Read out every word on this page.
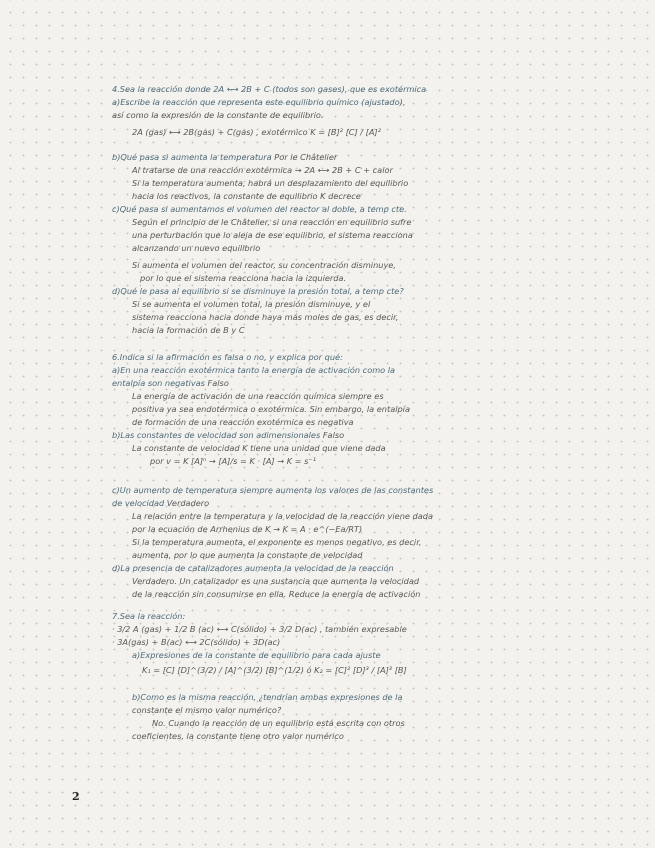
4.Sea la reacción donde 2A ⟷ 2B + C (todos son gases), que es exotérmica
a)Escribe la reacción que representa este equilibrio químico (ajustado),
así como la expresión de la constante de equilibrio.
2A (gas) ⟷ 2B(gas) + C(gas) , exotérmico K = [B]² [C] / [A]²
b)Qué pasa si aumenta la temperatura Por le Châtelier
Al tratarse de una reacción exotérmica → 2A ⟷ 2B + C + calor
Si la temperatura aumenta, habrá un desplazamiento del equilibrio
hacia los reactivos, la constante de equilibrio K decrece
c)Qué pasa si aumentamos el volumen del reactor al doble, a temp cte.
Según el principio de le Châtelier, si una reacción en equilibrio sufre
una perturbación que lo aleja de ese equilibrio, el sistema reacciona
alcanzando un nuevo equilibrio
Si aumenta el volumen del reactor, su concentración disminuye,
por lo que el sistema reacciona hacia la izquierda.
d)Qué le pasa al equilibrio si se disminuye la presión total, a temp cte?
Si se aumenta el volumen total, la presión disminuye, y el
sistema reacciona hacia donde haya más moles de gas, es decir,
hacia la formación de B y C
6.Indica si la afirmación es falsa o no, y explica por qué:
a)En una reacción exotérmica tanto la energía de activación como la
entalpía son negativas Falso
La energía de activación de una reacción química siempre es
positiva ya sea endotérmica o exotérmica. Sin embargo, la entalpía
de formación de una reacción exotérmica es negativa
b)Las constantes de velocidad son adimensionales Falso
La constante de velocidad K tiene una unidad que viene dada
por v = K [A]ⁿ → [A]/s = K · [A] → K = s⁻¹
c)Un aumento de temperatura siempre aumenta los valores de las constantes
de velocidad Verdadero
La relación entre la temperatura y la velocidad de la reacción viene dada
por la ecuación de Arrhenius de K → K = A · e^(−Ea/RT)
Si la temperatura aumenta, el exponente es menos negativo, es decir,
aumenta, por lo que aumenta la constante de velocidad
d)La presencia de catalizadores aumenta la velocidad de la reacción
Verdadero. Un catalizador es una sustancia que aumenta la velocidad
de la reacción sin consumirse en ella. Reduce la energía de activación
7.Sea la reacción:
· 3/2 A (gas) + 1/2 B (ac) ⟷ C(sólido) + 3/2 D(ac) , también expresable
· 3A(gas) + B(ac) ⟷ 2C(sólido) + 3D(ac)
a)Expresiones de la constante de equilibrio para cada ajuste
K₁ = [C] [D]^(3/2) / [A]^(3/2) [B]^(1/2) ó K₂ = [C]² [D]³ / [A]³ [B]
b)Como es la misma reacción, ¿tendrían ambas expresiones de la
constante el mismo valor numérico?
No. Cuando la reacción de un equilibrio está escrita con otros
coeficientes, la constante tiene otro valor numérico
2
